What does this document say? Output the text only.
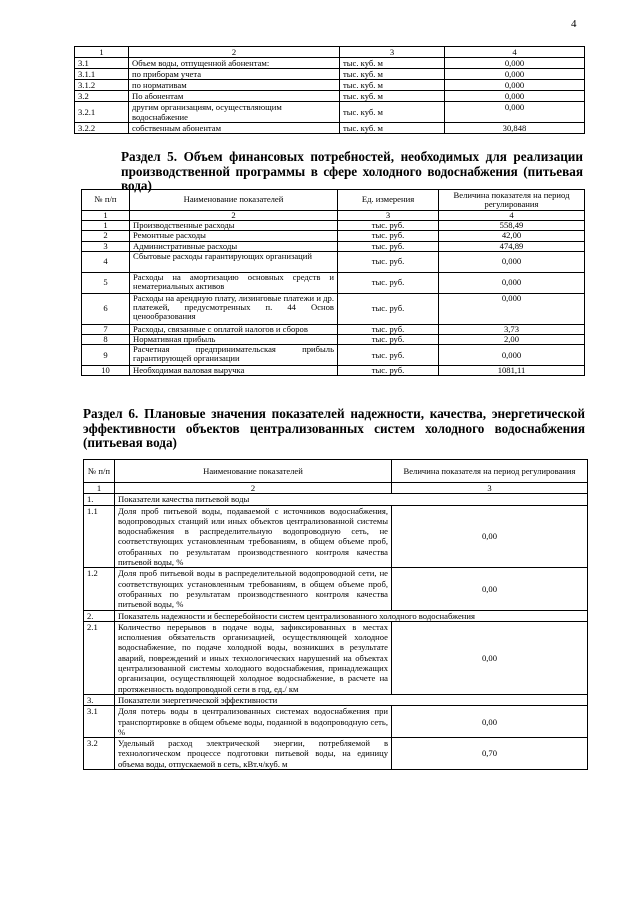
4
1	2	3	4
3.1	Объем воды, отпущенной абонентам:	тыс. куб. м	0,000
3.1.1	по приборам учета	тыс. куб. м	0,000
3.1.2	по нормативам	тыс. куб. м	0,000
3.2	По абонентам	тыс. куб. м	0,000
3.2.1	другим организациям, осуществляющим водоснабжение	тыс. куб. м	0,000
3.2.2	собственным абонентам	тыс. куб. м	30,848
Раздел 5. Объем финансовых потребностей, необходимых для реализации производственной программы в сфере холодного водоснабжения (питьевая вода)
№ п/п	Наименование показателей	Ед. измерения	Величина показателя на период регулирования
1	2	3	4
1	Производственные расходы	тыс. руб.	558,49
2	Ремонтные расходы	тыс. руб.	42,00
3	Административные расходы	тыс. руб.	474,89
4	Сбытовые расходы гарантирующих организаций	тыс. руб.	0,000
5	Расходы на амортизацию основных средств и нематериальных активов	тыс. руб.	0,000
6	Расходы на арендную плату, лизинговые платежи и др. платежей, предусмотренных п. 44 Основ ценообразования	тыс. руб.	0,000
7	Расходы, связанные с оплатой налогов и сборов	тыс. руб.	3,73
8	Нормативная прибыль	тыс. руб.	2,00
9	Расчетная предпринимательская прибыль гарантирующей организации	тыс. руб.	0,000
10	Необходимая валовая выручка	тыс. руб.	1081,11
Раздел 6. Плановые значения показателей надежности, качества, энергетической эффективности объектов централизованных систем холодного водоснабжения (питьевая вода)
№ п/п	Наименование показателей	Величина показателя на период регулирования
1	2	3
1.	Показатели качества питьевой воды	
1.1	Доля проб питьевой воды, подаваемой с источников водоснабжения, водопроводных станций или иных объектов централизованной системы водоснабжения в распределительную водопроводную сеть, не соответствующих установленным требованиям, в общем объеме проб, отобранных по результатам производственного контроля качества питьевой воды, %	0,00
1.2	Доля проб питьевой воды в распределительной водопроводной сети, не соответствующих установленным требованиям, в общем объеме проб, отобранных по результатам производственного контроля качества питьевой воды, %	0,00
2.	Показатель надежности и бесперебойности систем централизованного холодного водоснабжения	
2.1	Количество перерывов в подаче воды, зафиксированных в местах исполнения обязательств организацией, осуществляющей холодное водоснабжение, по подаче холодной воды, возникших в результате аварий, повреждений и иных технологических нарушений на объектах централизованной системы холодного водоснабжения, принадлежащих организации, осуществляющей холодное водоснабжение, в расчете на протяженность водопроводной сети в год, ед./ км	0,00
3.	Показатели энергетической эффективности	
3.1	Доля потерь воды в централизованных системах водоснабжения при транспортировке в общем объеме воды, поданной в водопроводную сеть, %	0,00
3.2	Удельный расход электрической энергии, потребляемой в технологическом процессе подготовки питьевой воды, на единицу объема воды, отпускаемой в сеть, кВт.ч/куб. м	0,70
